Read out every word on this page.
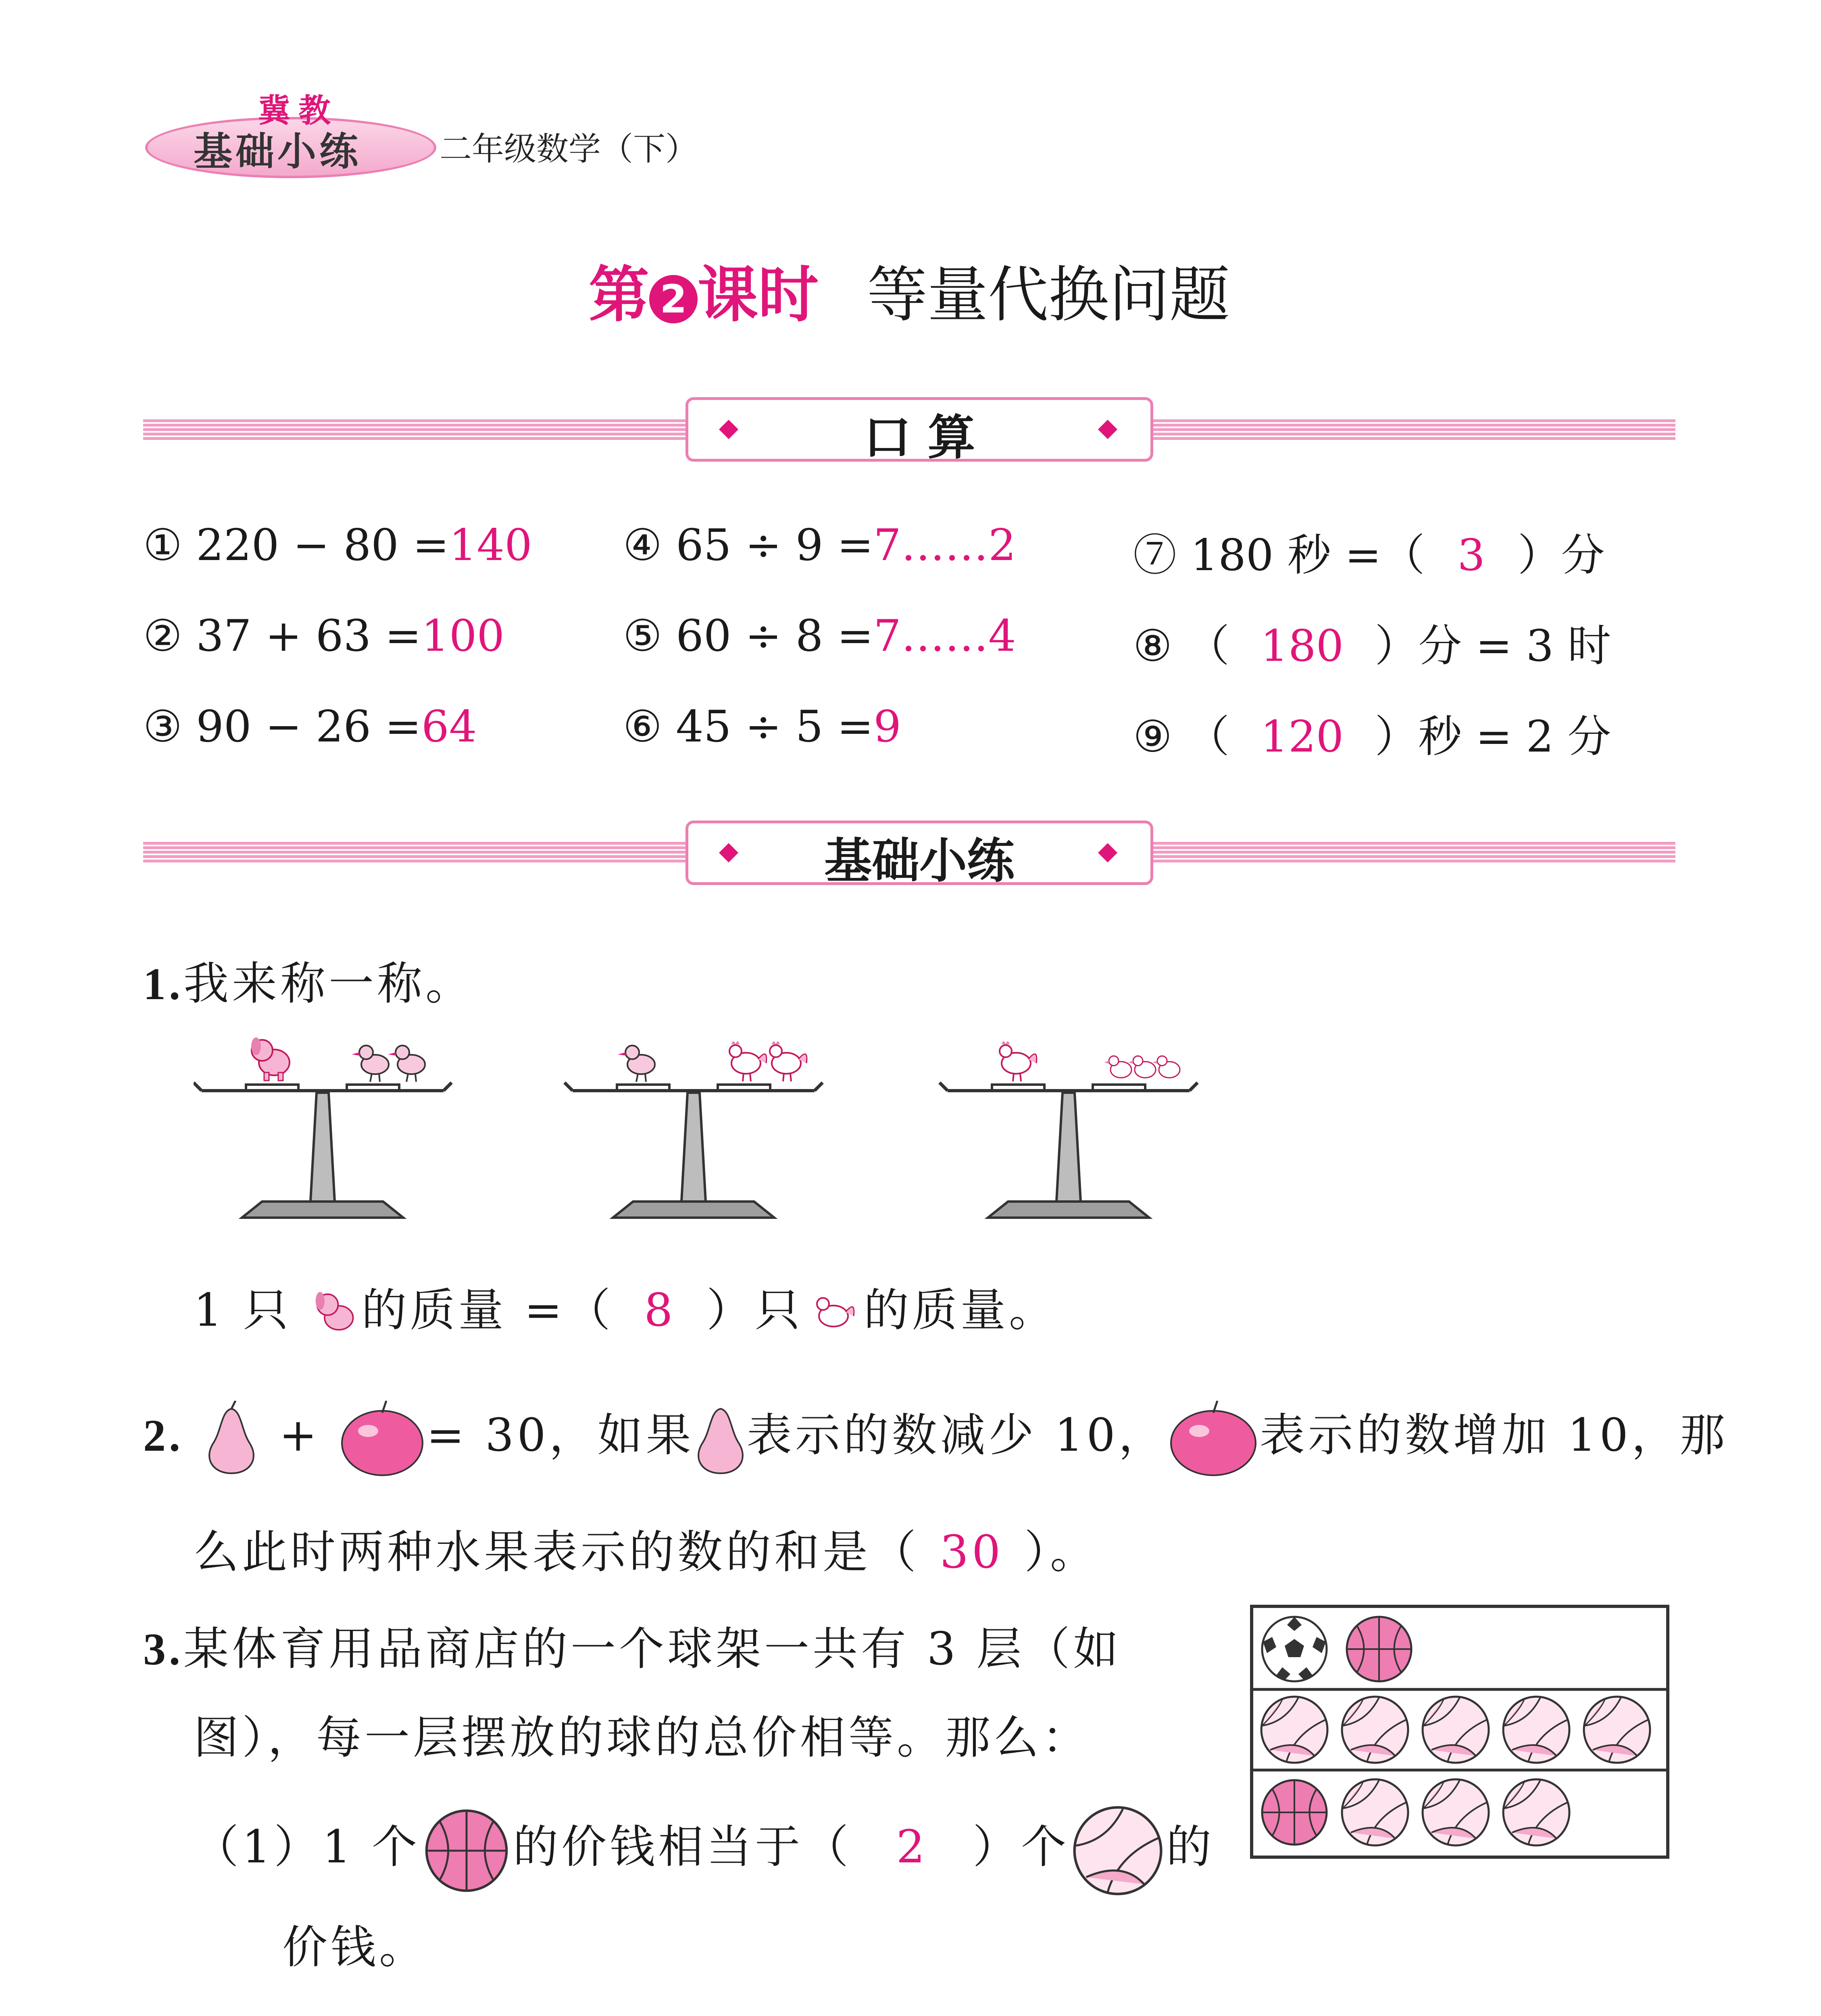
冀教
基础小练 二年级数学（下）
第 2 课时 等量代换问题
口 算
① 220 − 80 =140
② 37 + 63 =100
③ 90 − 26 =64
④ 65 ÷ 9 =7……2
⑤ 60 ÷ 8 =7……4
⑥ 45 ÷ 5 =9
⑦ 180 秒 =（ 3 ）分
⑧ （ 180 ）分 = 3 时
⑨ （ 120 ）秒 = 2 分
基础小练
1.我来称一称。
1 只 的质量 =（ 8 ）只 的质量。
2. + = 30，如果 表示的数减少 10， 表示的数增加 10，那
么此时两种水果表示的数的和是（ 30 ）。
3.某体育用品商店的一个球架一共有 3 层（如
图），每一层摆放的球的总价相等。那么：
（1）1 个 的价钱相当于（ 2 ）个 的
价钱。
